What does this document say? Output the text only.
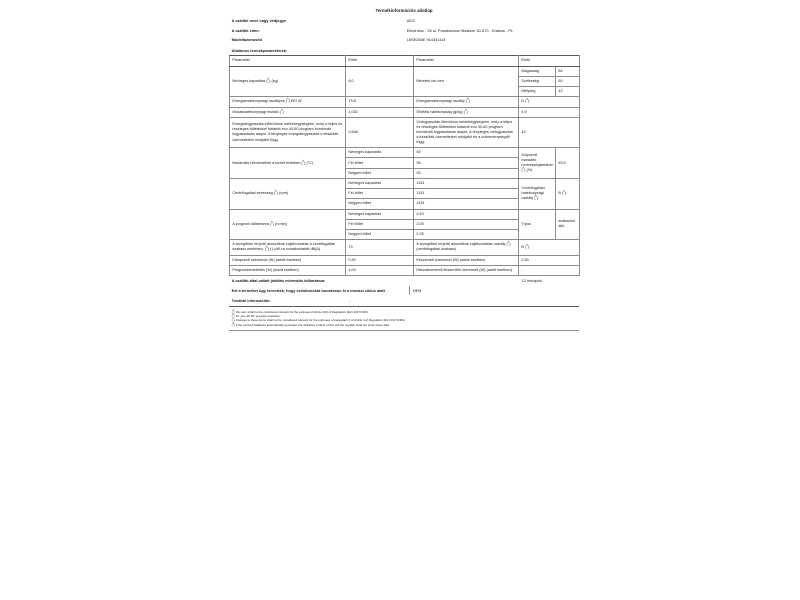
Termékinformációs adatlap
A szállító neve vagy védjegye	AEG
A szállító címe:	Electrolux - 26 al. Powstancow Slaskich 30-570 - Krakow - PL
Modellazonosító	L6SE265E 914341114
Általános termékparaméterek:
Paraméter	Érték	Paraméter	Érték	
Névleges kapacitás ($^b$) (kg)	6,0	Méretek cm-ben	Magasság	84
			Szélesség	60
			Mélység	42
Energiahatékonysági osztályok ($^b$) EEI W	79,8	Energiahatékonysági osztály ($^b$)	D ($^a$)	
Mosáshatékonysági mutató ($^b$)	1,031	Öblítési hatékonyság (g/kg) ($^b$)	4,9	
Energiafogyasztás kWh/ciklus mértékegységben, mely a teljes és részleges töltetekkel futtatott eco 40-60 program kombinált fogyasztásán alapul. A tényleges energiafogyasztás a készülék üzemeltetési módjától függ.	0,646	Vízfogyasztás liter/ciklus mértékegységben, mely a teljes és részleges töltetekkel futtatott eco 40-60 program kombinált fogyasztásán alapul. A tényleges vízfogyasztás a készülék üzemeltetési módjától és a vízkeménységtől függ.	43
Maximális hőmérséklet a kezelt textilben ($^b$) (°C)	Névleges kapacitás	45	Súlyozott maradék nedvességtartalom ($^b$) (%)	53,0
	Fél töltet	36		
	Negyed töltet	25		
Centrifugálási sebesség ($^b$) (rpm)	Névleges kapacitás	1151	Centrifugálási hatékonysági osztály ($^b$)	B ($^a$)
	Fél töltet	1151		
	Negyed töltet	1151		
A program időtartama ($^b$) (h:min)	Névleges kapacitás	3:10	Típus	szabadon álló
	Fél töltet	2:25		
	Negyed töltet	2:25		
A levegőben terjedő akusztikus zajkibocsátás a centrifugálási szakasz esetében, ($^b$) (1 pW-ra vonatkoztatott dB(A)	73	A levegőben terjedő akusztikus zajkibocsátás osztály ($^b$) (centrifugálási szakasz)	B ($^a$)	
Kikapcsolt üzemmód (W) (adott esetben)	0,30	Készenléti üzemmód (W) (adott esetben)	0,30	
Programkésleltetés (W) (adott esetben)	4,00	Hálózatvezérelt készenléti üzemmód (W) (adott esetben)	-	
A szállító által vállalt jótállás minimális időtartama:	12 hónapok
Ezt a terméket úgy tervezték, hogy ezüstionokat bocsásson ki a mosási ciklus alatt	NEM
További információk:	-
($^a$) this item shall not be considered relevant for the purpose of Article 2(6) of Regulation (EU) 2017/1369.
($^b$) Az „eco 40-60" program esetében
($^c$) changes to these items shall not be considered relevant for the purposes of paragraph 4 of Article 4 of Regulation (EU) 2017/1369.
($^d$) if the product database automatically generates the definitive content of this cell the supplier shall not enter these data.
